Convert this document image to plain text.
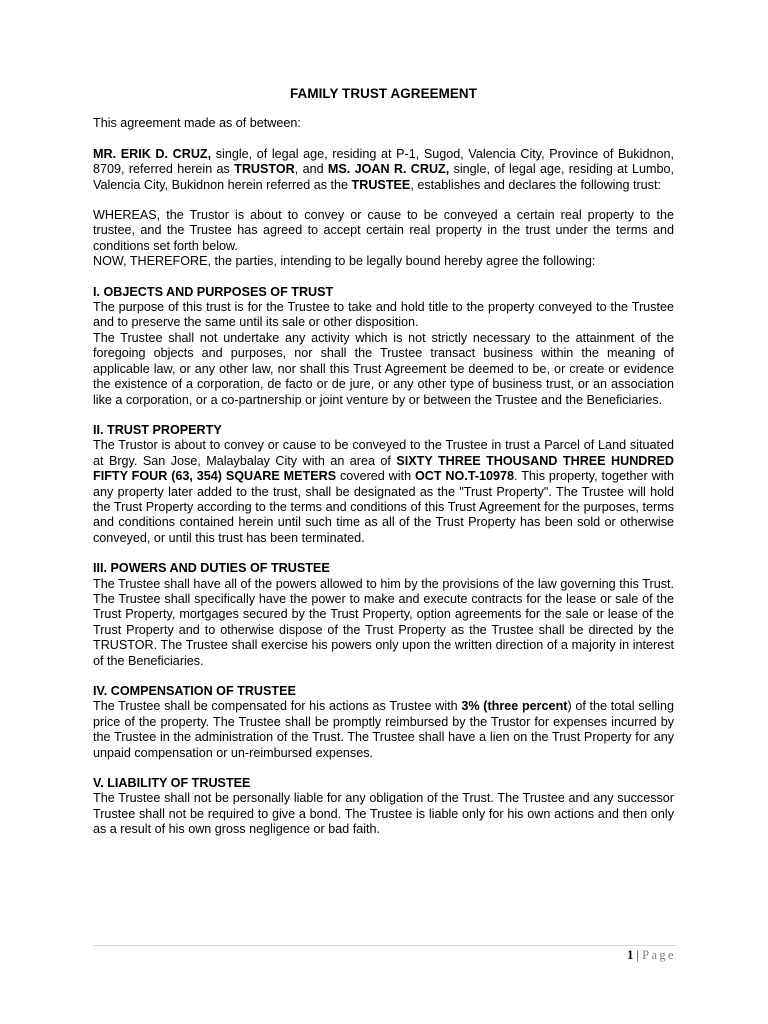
FAMILY TRUST AGREEMENT

This agreement made as of between:

MR. ERIK D. CRUZ, single, of legal age, residing at P-1, Sugod, Valencia City, Province of Bukidnon, 8709, referred herein as TRUSTOR, and MS. JOAN R. CRUZ, single, of legal age, residing at Lumbo, Valencia City, Bukidnon herein referred as the TRUSTEE, establishes and declares the following trust:

WHEREAS, the Trustor is about to convey or cause to be conveyed a certain real property to the trustee, and the Trustee has agreed to accept certain real property in the trust under the terms and conditions set forth below.

NOW, THEREFORE, the parties, intending to be legally bound hereby agree the following:

I. OBJECTS AND PURPOSES OF TRUST

The purpose of this trust is for the Trustee to take and hold title to the property conveyed to the Trustee and to preserve the same until its sale or other disposition.

The Trustee shall not undertake any activity which is not strictly necessary to the attainment of the foregoing objects and purposes, nor shall the Trustee transact business within the meaning of applicable law, or any other law, nor shall this Trust Agreement be deemed to be, or create or evidence the existence of a corporation, de facto or de jure, or any other type of business trust, or an association like a corporation, or a co-partnership or joint venture by or between the Trustee and the Beneficiaries.

II. TRUST PROPERTY

The Trustor is about to convey or cause to be conveyed to the Trustee in trust a Parcel of Land situated at Brgy. San Jose, Malaybalay City with an area of SIXTY THREE THOUSAND THREE HUNDRED FIFTY FOUR (63, 354) SQUARE METERS covered with OCT NO.T-10978. This property, together with any property later added to the trust, shall be designated as the "Trust Property". The Trustee will hold the Trust Property according to the terms and conditions of this Trust Agreement for the purposes, terms and conditions contained herein until such time as all of the Trust Property has been sold or otherwise conveyed, or until this trust has been terminated.

III. POWERS AND DUTIES OF TRUSTEE

The Trustee shall have all of the powers allowed to him by the provisions of the law governing this Trust. The Trustee shall specifically have the power to make and execute contracts for the lease or sale of the Trust Property, mortgages secured by the Trust Property, option agreements for the sale or lease of the Trust Property and to otherwise dispose of the Trust Property as the Trustee shall be directed by the TRUSTOR. The Trustee shall exercise his powers only upon the written direction of a majority in interest of the Beneficiaries.

IV. COMPENSATION OF TRUSTEE

The Trustee shall be compensated for his actions as Trustee with 3% (three percent) of the total selling price of the property. The Trustee shall be promptly reimbursed by the Trustor for expenses incurred by the Trustee in the administration of the Trust. The Trustee shall have a lien on the Trust Property for any unpaid compensation or un-reimbursed expenses.

V. LIABILITY OF TRUSTEE

The Trustee shall not be personally liable for any obligation of the Trust. The Trustee and any successor Trustee shall not be required to give a bond. The Trustee is liable only for his own actions and then only as a result of his own gross negligence or bad faith.

1 | Page
